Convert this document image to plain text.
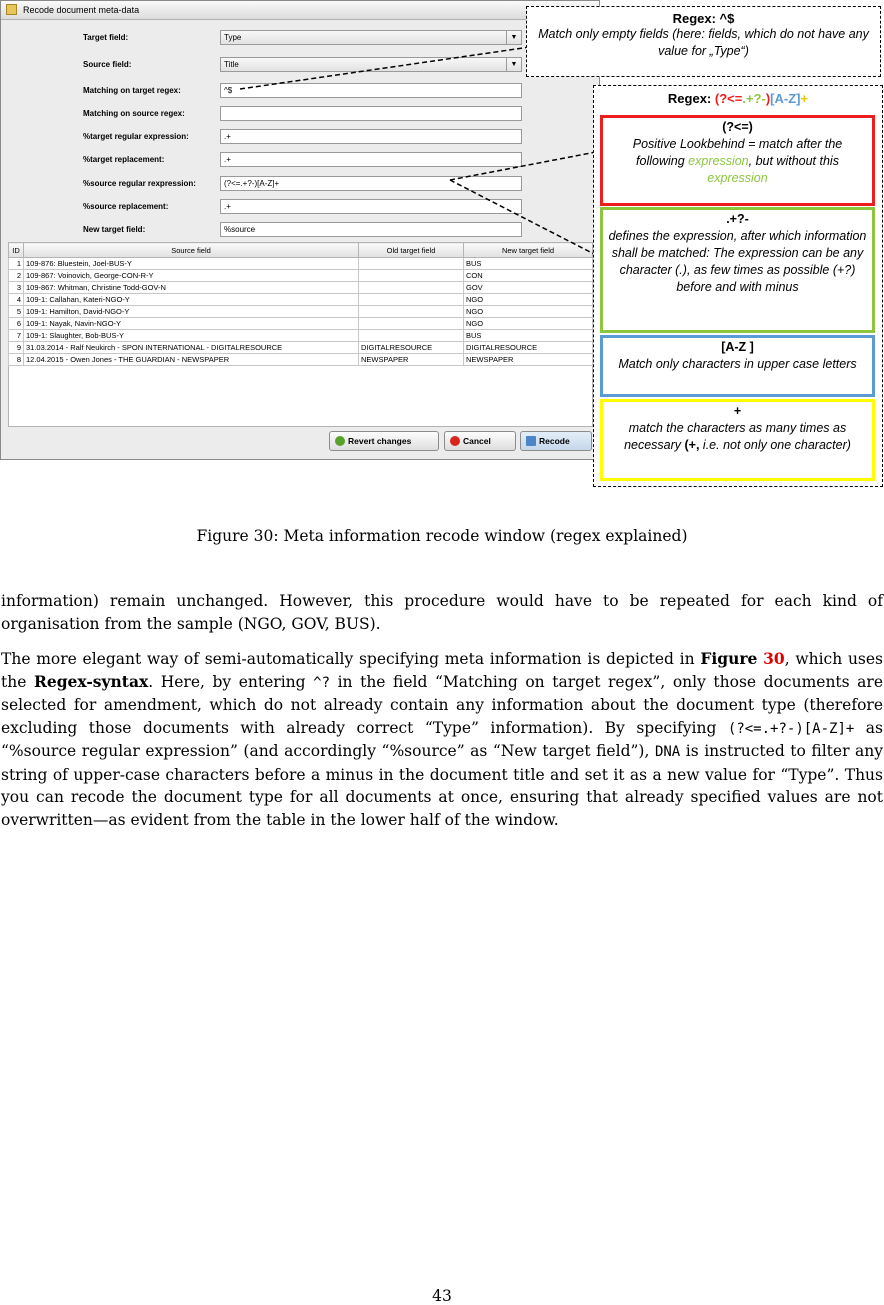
Recode document meta-data
Target field:	Type	▼
Source field:	Title	▼
Matching on target regex:	^$
Matching on source regex:
%target regular expression:	.+
%target replacement:	.+
%source regular rexpression:	(?<=.+?-)[A-Z]+
%source replacement:	.+
New target field:	%source
ID	Source field	Old target field	New target field
1	109-876: Bluestein, Joel-BUS-Y		BUS
2	109-867: Voinovich, George-CON-R-Y		CON
3	109-867: Whitman, Christine Todd-GOV-N		GOV
4	109-1: Callahan, Kateri-NGO-Y		NGO
5	109-1: Hamilton, David-NGO-Y		NGO
6	109-1: Nayak, Navin-NGO-Y		NGO
7	109-1: Slaughter, Bob-BUS-Y		BUS
9	31.03.2014 - Ralf Neukirch - SPON INTERNATIONAL - DIGITALRESOURCE	DIGITALRESOURCE	DIGITALRESOURCE
8	12.04.2015 - Owen Jones - THE GUARDIAN - NEWSPAPER	NEWSPAPER	NEWSPAPER
Revert changes	Cancel	Recode
Regex: ^$
Match only empty fields (here: fields, which do not have any value for „Type“)
Regex: (?<=.+?-)[A-Z]+
(?<=)
Positive Lookbehind = match after the following expression, but without this expression
.+?-
defines the expression, after which information shall be matched: The expression can be any character (.), as few times as possible (+?) before and with minus
[A-Z ]
Match only characters in upper case letters
+
match the characters as many times as necessary (+, i.e. not only one character)
Figure 30: Meta information recode window (regex explained)
information) remain unchanged. However, this procedure would have to be repeated for each kind of organisation from the sample (NGO, GOV, BUS).
The more elegant way of semi-automatically specifying meta information is depicted in Figure 30, which uses the Regex-syntax. Here, by entering ^? in the field “Matching on target regex”, only those documents are selected for amendment, which do not already contain any information about the document type (therefore excluding those documents with already correct “Type” information). By specifying (?<=.+?-)[A-Z]+ as “%source regular expression” (and accordingly “%source” as “New target field”), DNA is instructed to filter any string of upper-case characters before a minus in the document title and set it as a new value for “Type”. Thus you can recode the document type for all documents at once, ensuring that already specified values are not overwritten—as evident from the table in the lower half of the window.
43
